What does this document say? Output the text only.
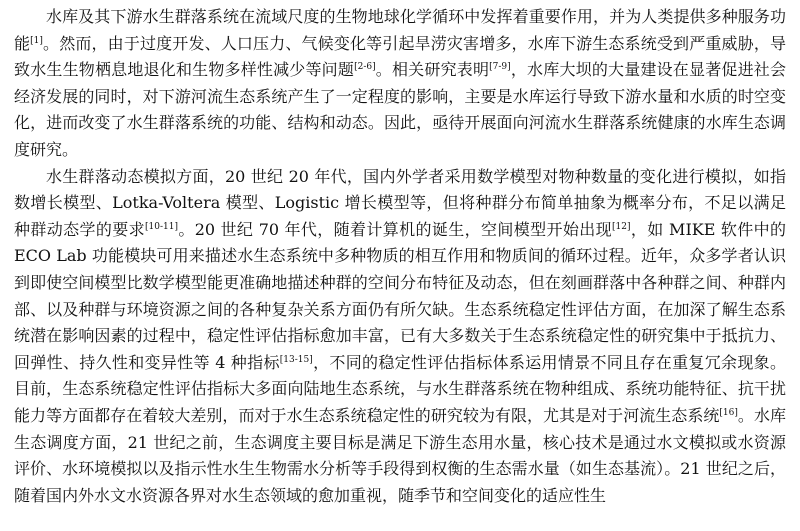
水库及其下游水生群落系统在流域尺度的生物地球化学循环中发挥着重要作用，并为人类提供多种服务功能[1]。然而，由于过度开发、人口压力、气候变化等引起旱涝灾害增多，水库下游生态系统受到严重威胁，导致水生生物栖息地退化和生物多样性减少等问题[2-6]。相关研究表明[7-9]，水库大坝的大量建设在显著促进社会经济发展的同时，对下游河流生态系统产生了一定程度的影响，主要是水库运行导致下游水量和水质的时空变化，进而改变了水生群落系统的功能、结构和动态。因此，亟待开展面向河流水生群落系统健康的水库生态调度研究。

水生群落动态模拟方面，20 世纪 20 年代，国内外学者采用数学模型对物种数量的变化进行模拟，如指数增长模型、Lotka-Voltera 模型、Logistic 增长模型等，但将种群分布简单抽象为概率分布，不足以满足种群动态学的要求[10-11]。20 世纪 70 年代，随着计算机的诞生，空间模型开始出现[12]，如 MIKE 软件中的 ECO Lab 功能模块可用来描述水生态系统中多种物质的相互作用和物质间的循环过程。近年，众多学者认识到即使空间模型比数学模型能更准确地描述种群的空间分布特征及动态，但在刻画群落中各种群之间、种群内部、以及种群与环境资源之间的各种复杂关系方面仍有所欠缺。生态系统稳定性评估方面，在加深了解生态系统潜在影响因素的过程中，稳定性评估指标愈加丰富，已有大多数关于生态系统稳定性的研究集中于抵抗力、回弹性、持久性和变异性等 4 种指标[13-15]，不同的稳定性评估指标体系运用情景不同且存在重复冗余现象。目前，生态系统稳定性评估指标大多面向陆地生态系统，与水生群落系统在物种组成、系统功能特征、抗干扰能力等方面都存在着较大差别，而对于水生态系统稳定性的研究较为有限，尤其是对于河流生态系统[16]。水库生态调度方面，21 世纪之前，生态调度主要目标是满足下游生态用水量，核心技术是通过水文模拟或水资源评价、水环境模拟以及指示性水生生物需水分析等手段得到权衡的生态需水量（如生态基流）。21 世纪之后，随着国内外水文水资源各界对水生态领域的愈加重视，随季节和空间变化的适应性生
